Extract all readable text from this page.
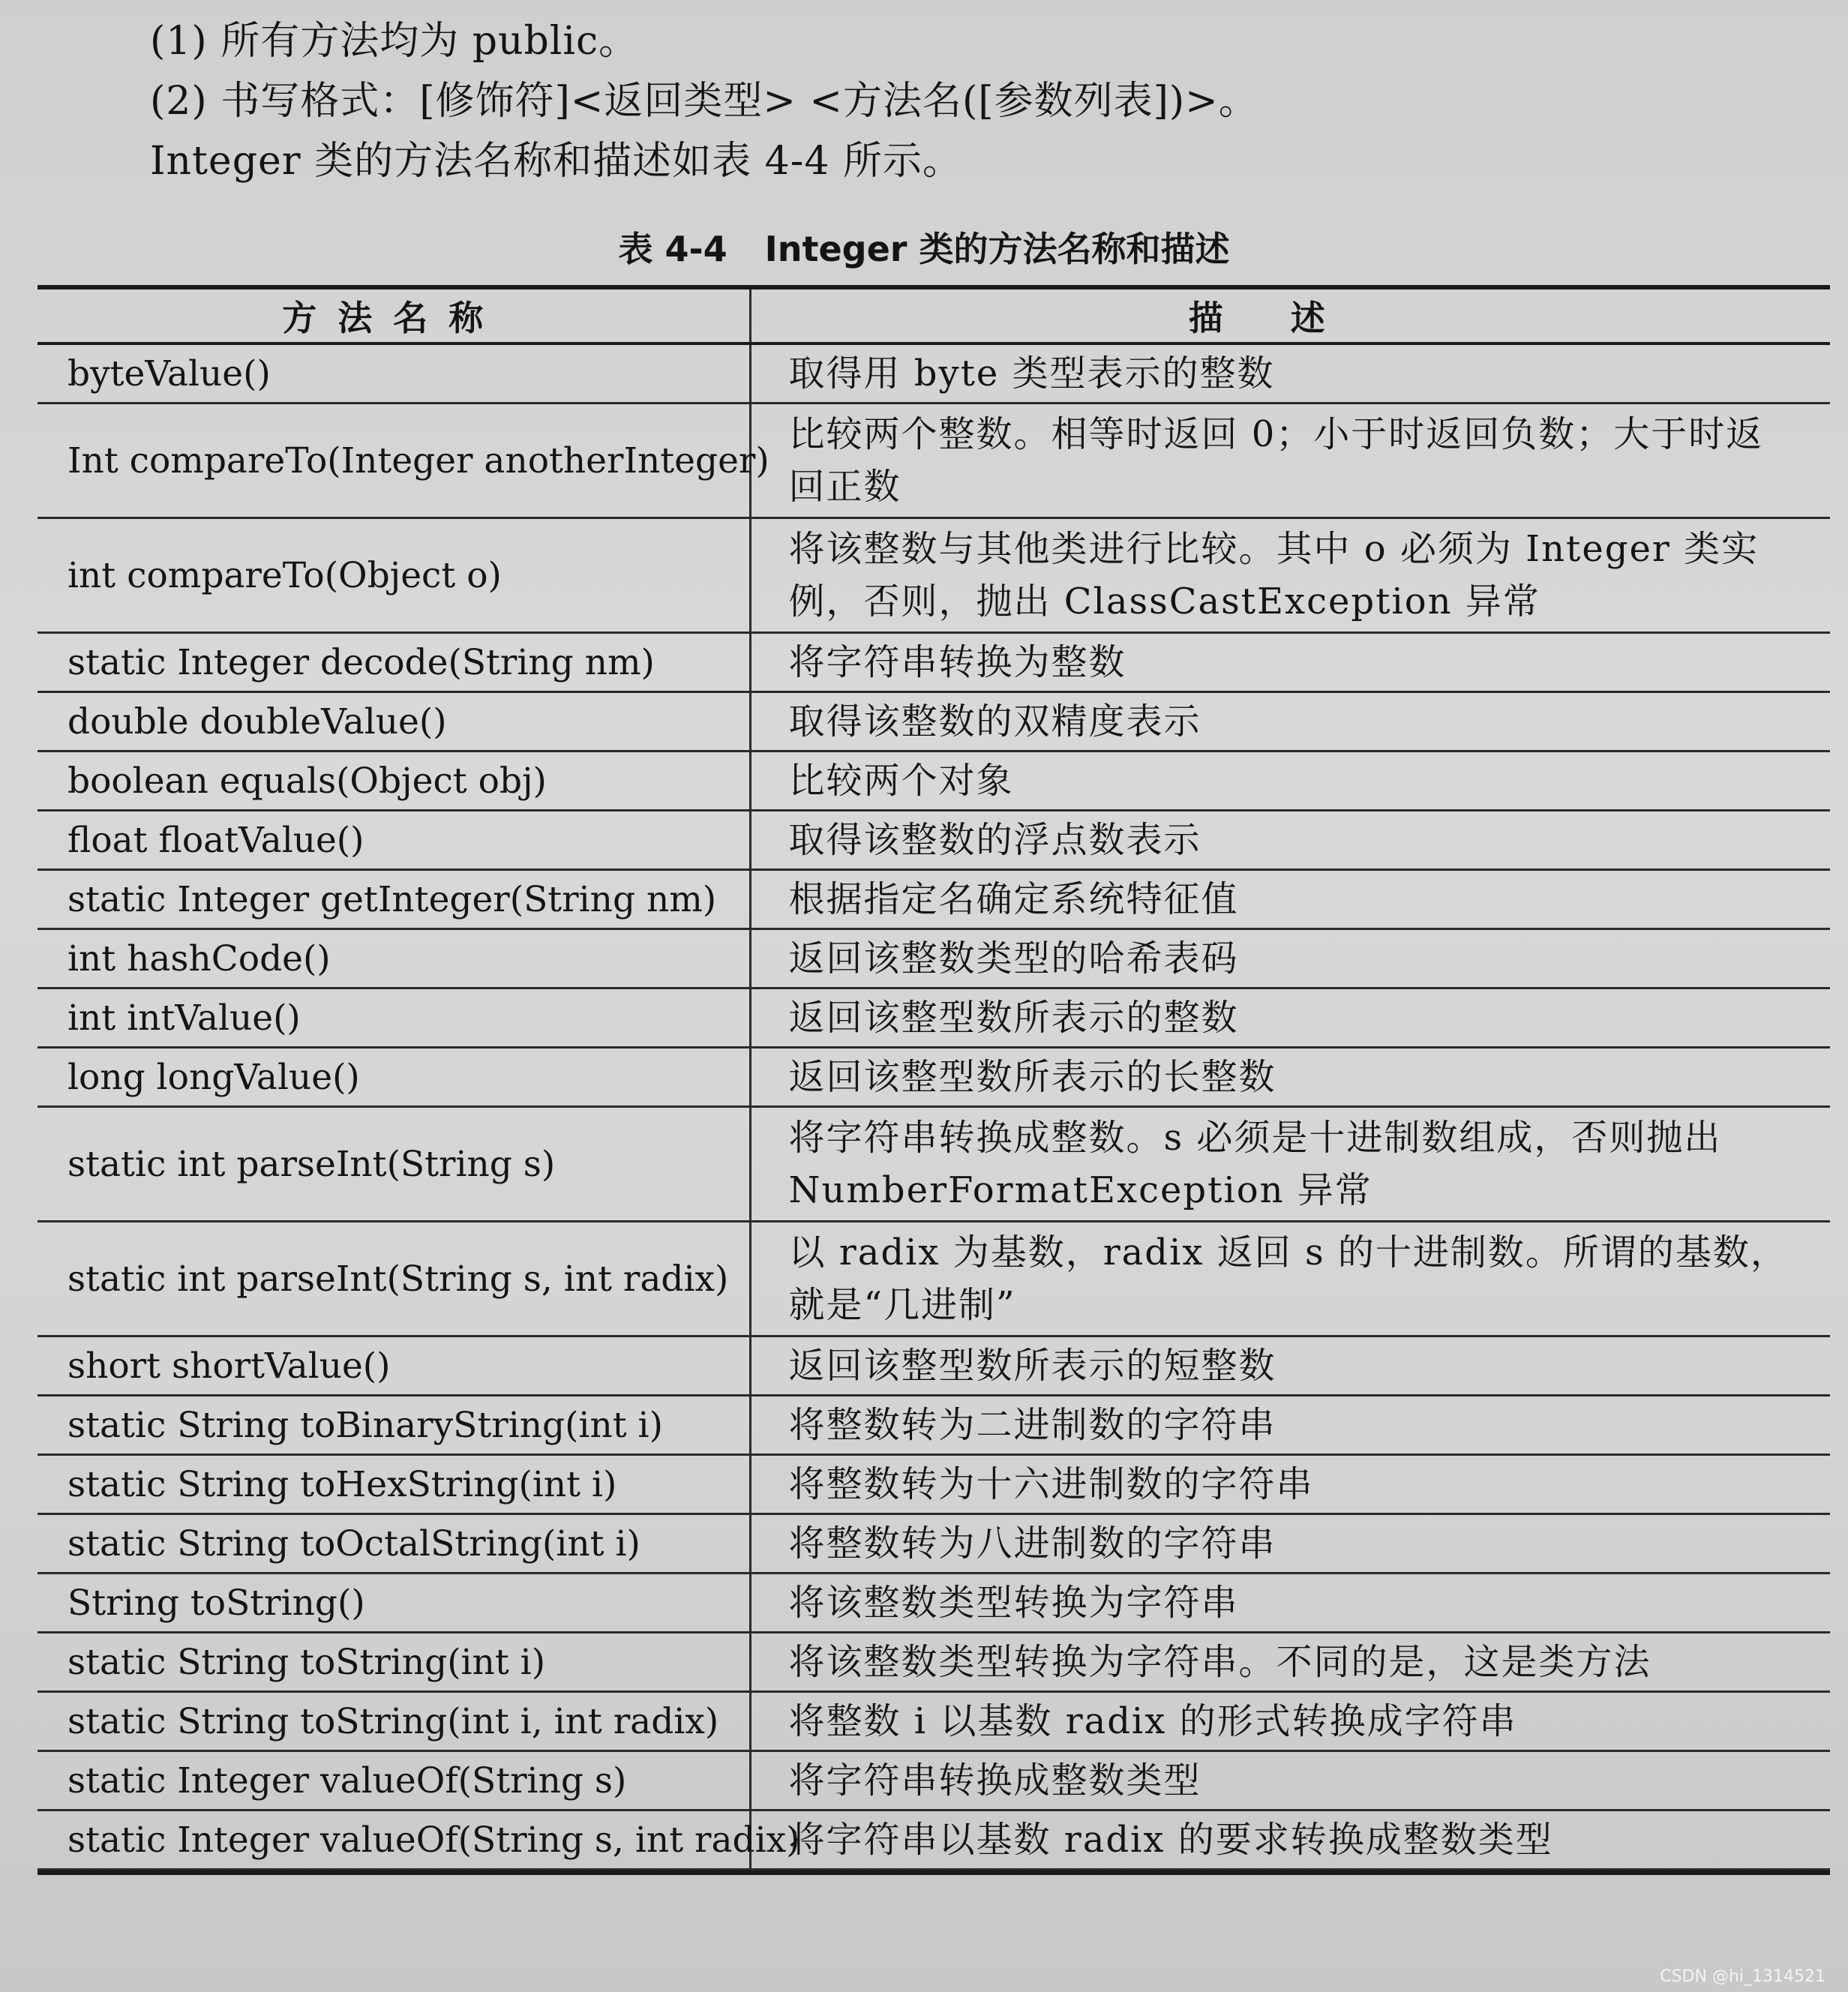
(1) 所有方法均为 public。
(2) 书写格式：[修饰符]<返回类型> <方法名([参数列表])>。
Integer 类的方法名称和描述如表 4-4 所示。
表 4-4 Integer 类的方法名称和描述
方法名称	描述
byteValue()	取得用 byte 类型表示的整数
Int compareTo(Integer anotherInteger)	比较两个整数。相等时返回 0；小于时返回负数；大于时返回正数
int compareTo(Object o)	将该整数与其他类进行比较。其中 o 必须为 Integer 类实例，否则，抛出 ClassCastException 异常
static Integer decode(String nm)	将字符串转换为整数
double doubleValue()	取得该整数的双精度表示
boolean equals(Object obj)	比较两个对象
float floatValue()	取得该整数的浮点数表示
static Integer getInteger(String nm)	根据指定名确定系统特征值
int hashCode()	返回该整数类型的哈希表码
int intValue()	返回该整型数所表示的整数
long longValue()	返回该整型数所表示的长整数
static int parseInt(String s)	将字符串转换成整数。s 必须是十进制数组成，否则抛出 NumberFormatException 异常
static int parseInt(String s, int radix)	以 radix 为基数，radix 返回 s 的十进制数。所谓的基数，就是“几进制”
short shortValue()	返回该整型数所表示的短整数
static String toBinaryString(int i)	将整数转为二进制数的字符串
static String toHexString(int i)	将整数转为十六进制数的字符串
static String toOctalString(int i)	将整数转为八进制数的字符串
String toString()	将该整数类型转换为字符串
static String toString(int i)	将该整数类型转换为字符串。不同的是，这是类方法
static String toString(int i, int radix)	将整数 i 以基数 radix 的形式转换成字符串
static Integer valueOf(String s)	将字符串转换成整数类型
static Integer valueOf(String s, int radix)	将字符串以基数 radix 的要求转换成整数类型
CSDN @hi_1314521
